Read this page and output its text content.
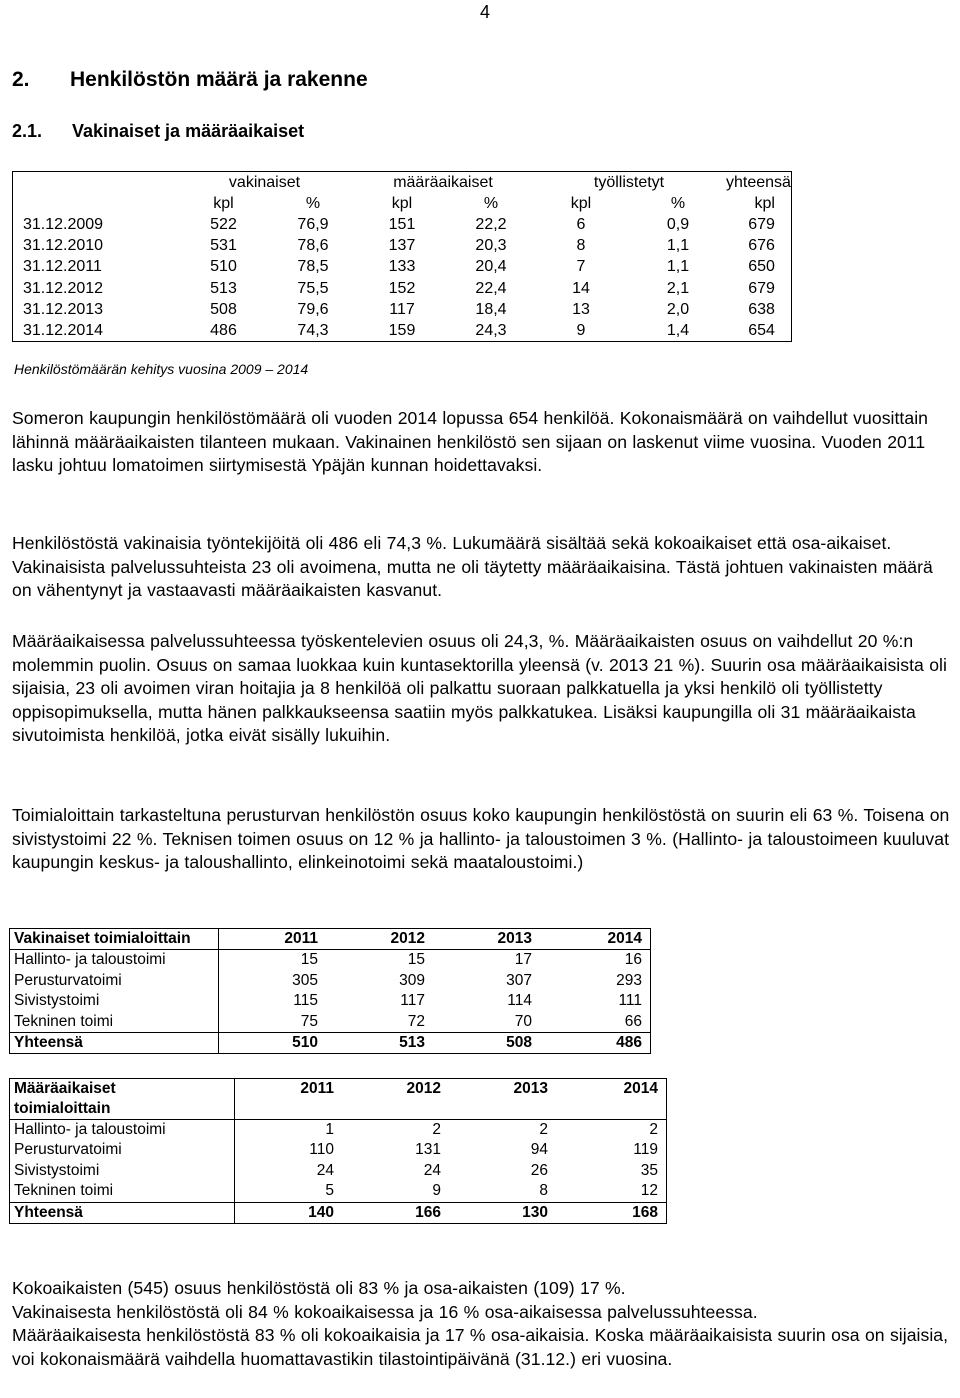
4
2. Henkilöstön määrä ja rakenne
2.1. Vakinaiset ja määräaikaiset
	vakinaiset		määräaikaiset		työllistetyt		yhteensä
	kpl	%	kpl	%	kpl	%	kpl
31.12.2009	522	76,9	151	22,2	6	0,9	679
31.12.2010	531	78,6	137	20,3	8	1,1	676
31.12.2011	510	78,5	133	20,4	7	1,1	650
31.12.2012	513	75,5	152	22,4	14	2,1	679
31.12.2013	508	79,6	117	18,4	13	2,0	638
31.12.2014	486	74,3	159	24,3	9	1,4	654
Henkilöstömäärän kehitys vuosina 2009 – 2014

Someron kaupungin henkilöstömäärä oli vuoden 2014 lopussa 654 henkilöä. Kokonaismäärä on vaihdellut vuosittain lähinnä määräaikaisten tilanteen mukaan. Vakinainen henkilöstö sen sijaan on laskenut viime vuosina. Vuoden 2011 lasku johtuu lomatoimen siirtymisestä Ypäjän kunnan hoidettavaksi.

Henkilöstöstä vakinaisia työntekijöitä oli 486 eli 74,3 %. Lukumäärä sisältää sekä kokoaikaiset että osa-aikaiset. Vakinaisista palvelussuhteista 23 oli avoimena, mutta ne oli täytetty määräaikaisina. Tästä johtuen vakinaisten määrä on vähentynyt ja vastaavasti määräaikaisten kasvanut.

Määräaikaisessa palvelussuhteessa työskentelevien osuus oli 24,3, %. Määräaikaisten osuus on vaihdellut 20 %:n molemmin puolin. Osuus on samaa luokkaa kuin kuntasektorilla yleensä (v. 2013 21 %). Suurin osa määräaikaisista oli sijaisia, 23 oli avoimen viran hoitajia ja 8 henkilöä oli palkattu suoraan palkkatuella ja yksi henkilö oli työllistetty oppisopimuksella, mutta hänen palkkaukseensa saatiin myös palkkatukea. Lisäksi kaupungilla oli 31 määräaikaista sivutoimista henkilöä, jotka eivät sisälly lukuihin.

Toimialoittain tarkasteltuna perusturvan henkilöstön osuus koko kaupungin henkilöstöstä on suurin eli 63 %. Toisena on sivistystoimi 22 %. Teknisen toimen osuus on 12 % ja hallinto- ja taloustoimen 3 %. (Hallinto- ja taloustoimeen kuuluvat kaupungin keskus- ja taloushallinto, elinkeinotoimi sekä maataloustoimi.)

Vakinaiset toimialoittain	2011	2012	2013	2014
Hallinto- ja taloustoimi	15	15	17	16
Perusturvatoimi	305	309	307	293
Sivistystoimi	115	117	114	111
Tekninen toimi	75	72	70	66
Yhteensä	510	513	508	486
Määräaikaiset toimialoittain	2011	2012	2013	2014
Hallinto- ja taloustoimi	1	2	2	2
Perusturvatoimi	110	131	94	119
Sivistystoimi	24	24	26	35
Tekninen toimi	5	9	8	12
Yhteensä	140	166	130	168

Kokoaikaisten (545) osuus henkilöstöstä oli 83 % ja osa-aikaisten (109) 17 %.

Vakinaisesta henkilöstöstä oli 84 % kokoaikaisessa ja 16 % osa-aikaisessa palvelussuhteessa.

Määräaikaisesta henkilöstöstä 83 % oli kokoaikaisia ja 17 % osa-aikaisia. Koska määräaikaisista suurin osa on sijaisia, voi kokonaismäärä vaihdella huomattavastikin tilastointipäivänä (31.12.) eri vuosina.
